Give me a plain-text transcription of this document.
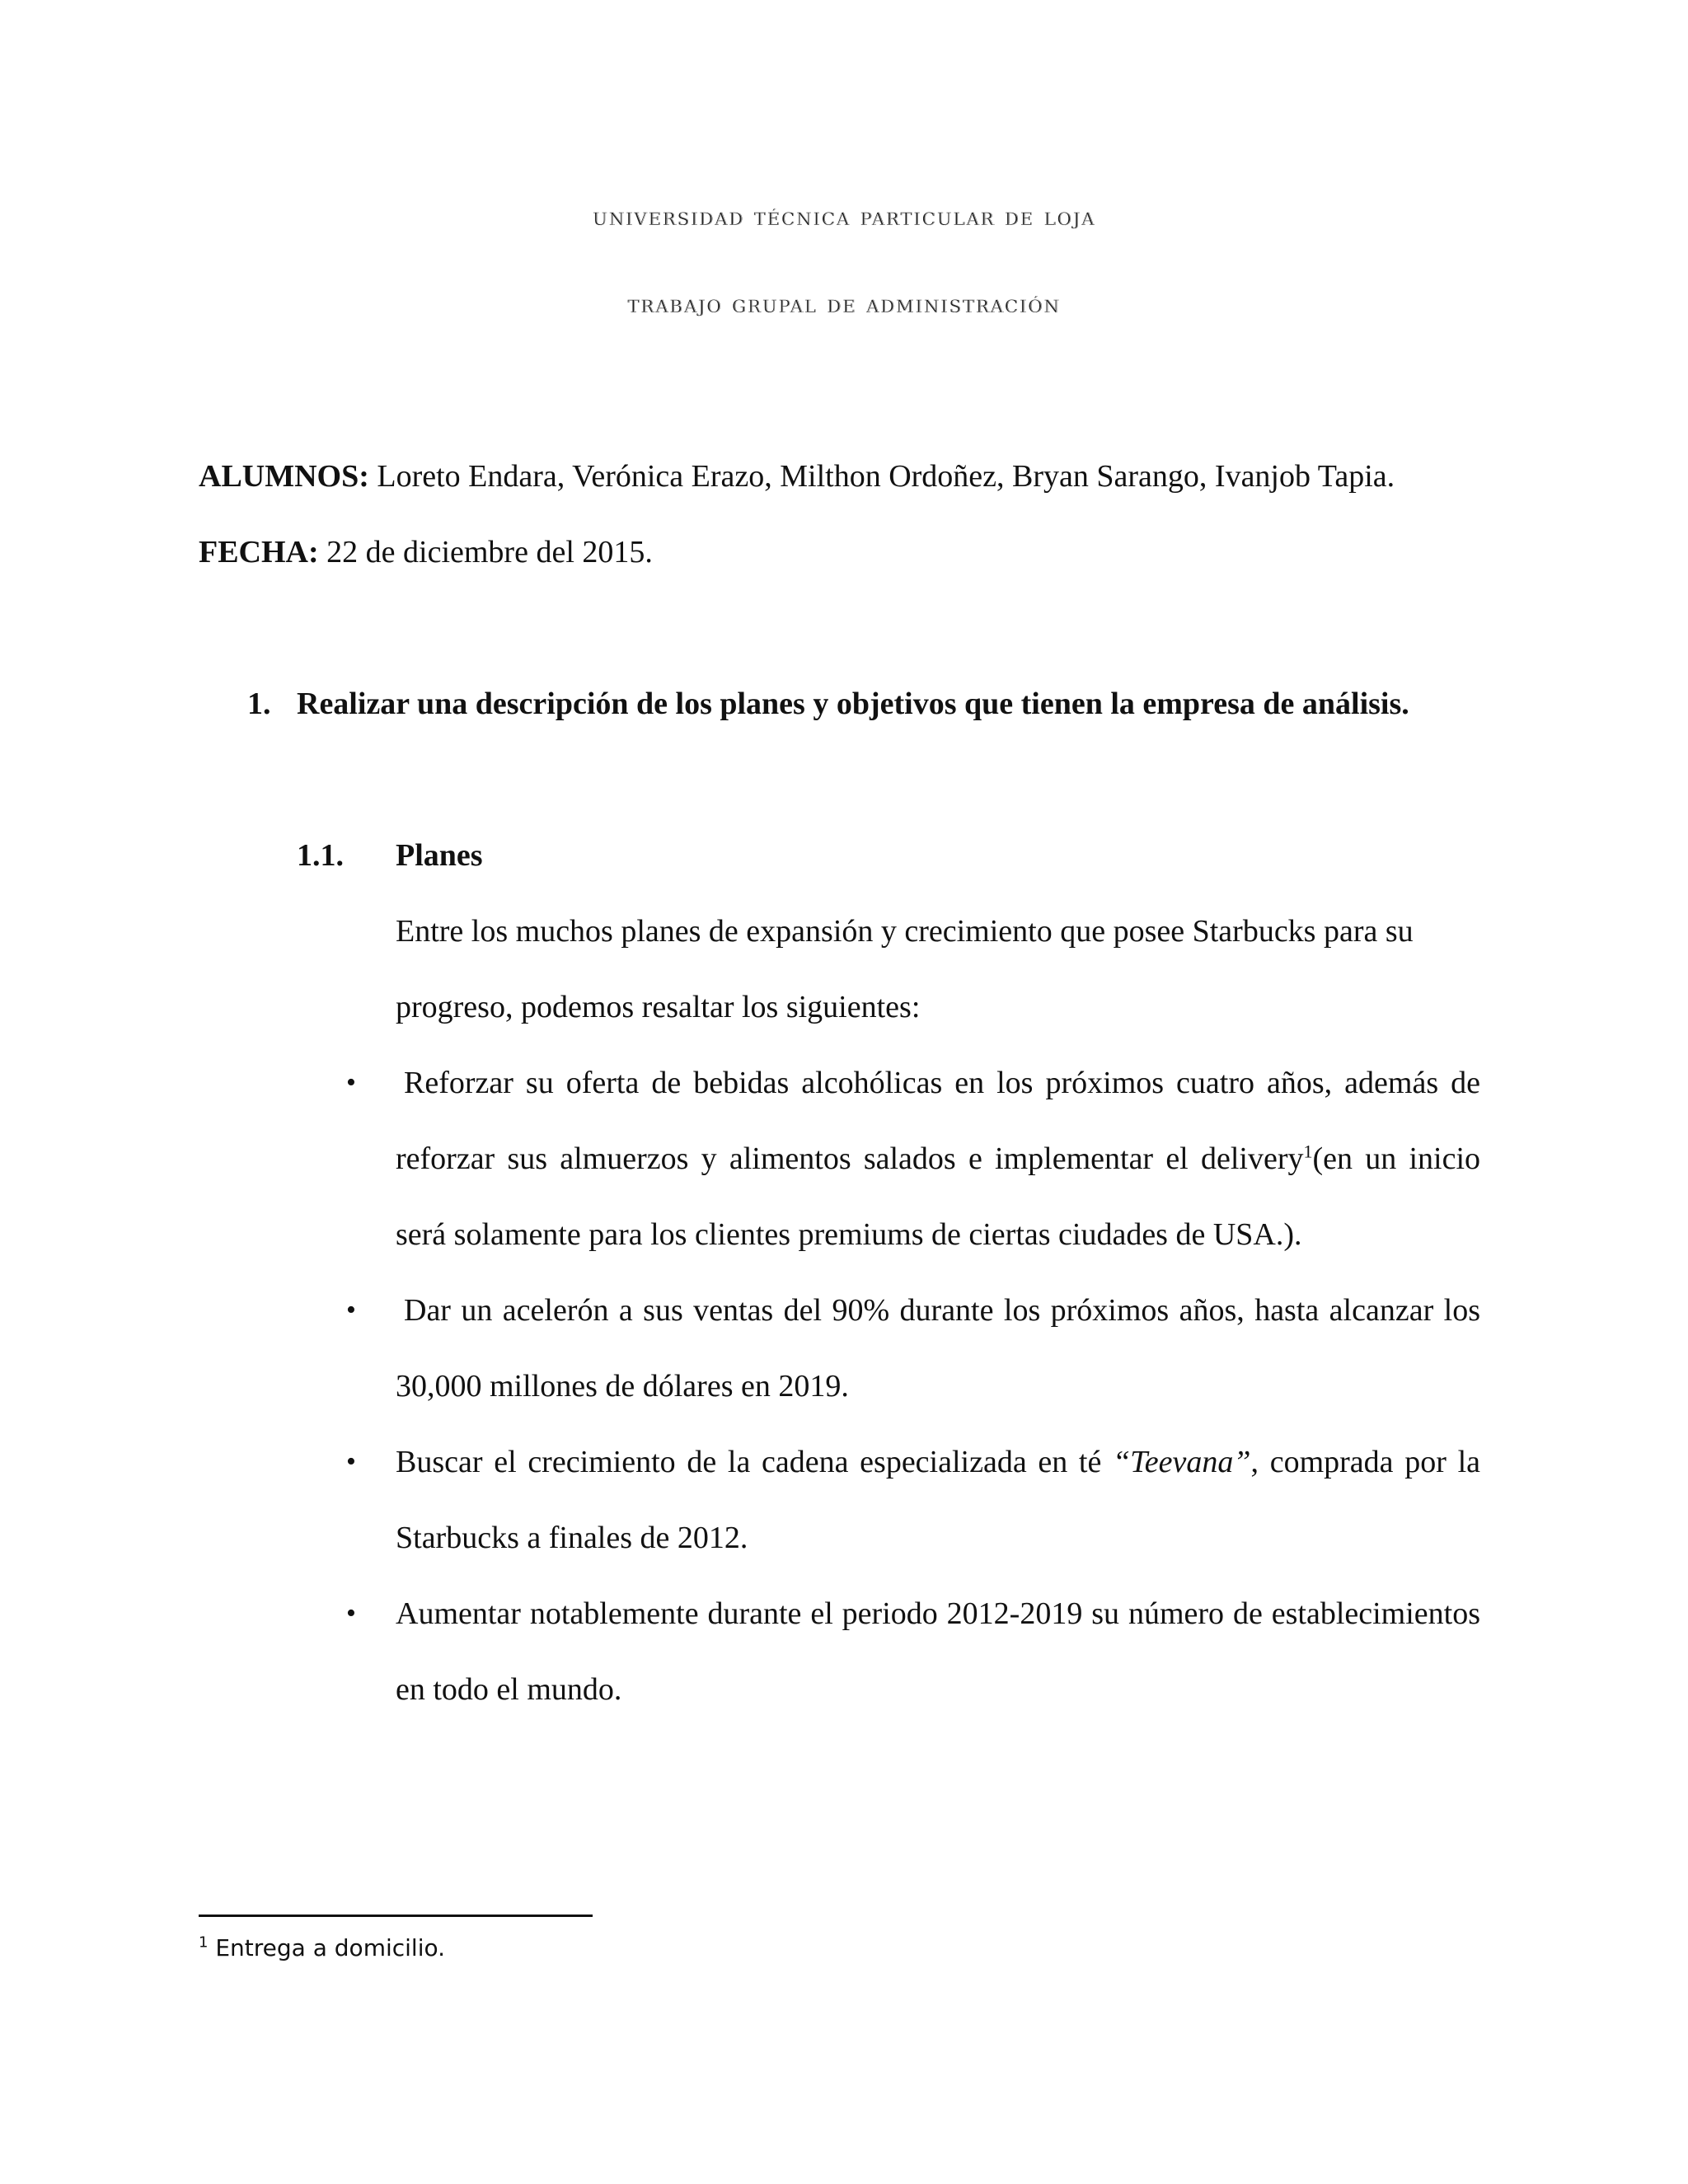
universidad técnica particular de loja
trabajo grupal de administración
ALUMNOS: Loreto Endara, Verónica Erazo, Milthon Ordoñez, Bryan Sarango, Ivanjob Tapia.
FECHA: 22 de diciembre del 2015.
1. Realizar una descripción de los planes y objetivos que tienen la empresa de análisis.
1.1. Planes
Entre los muchos planes de expansión y crecimiento que posee Starbucks para su progreso, podemos resaltar los siguientes:
• Reforzar su oferta de bebidas alcohólicas en los próximos cuatro años, además de reforzar sus almuerzos y alimentos salados e implementar el delivery$^1$(en un inicio será solamente para los clientes premiums de ciertas ciudades de USA.).
• Dar un acelerón a sus ventas del 90% durante los próximos años, hasta alcanzar los 30,000 millones de dólares en 2019.
• Buscar el crecimiento de la cadena especializada en té “Teevana”, comprada por la Starbucks a finales de 2012.
• Aumentar notablemente durante el periodo 2012-2019 su número de establecimientos en todo el mundo.
$^1$ Entrega a domicilio.
